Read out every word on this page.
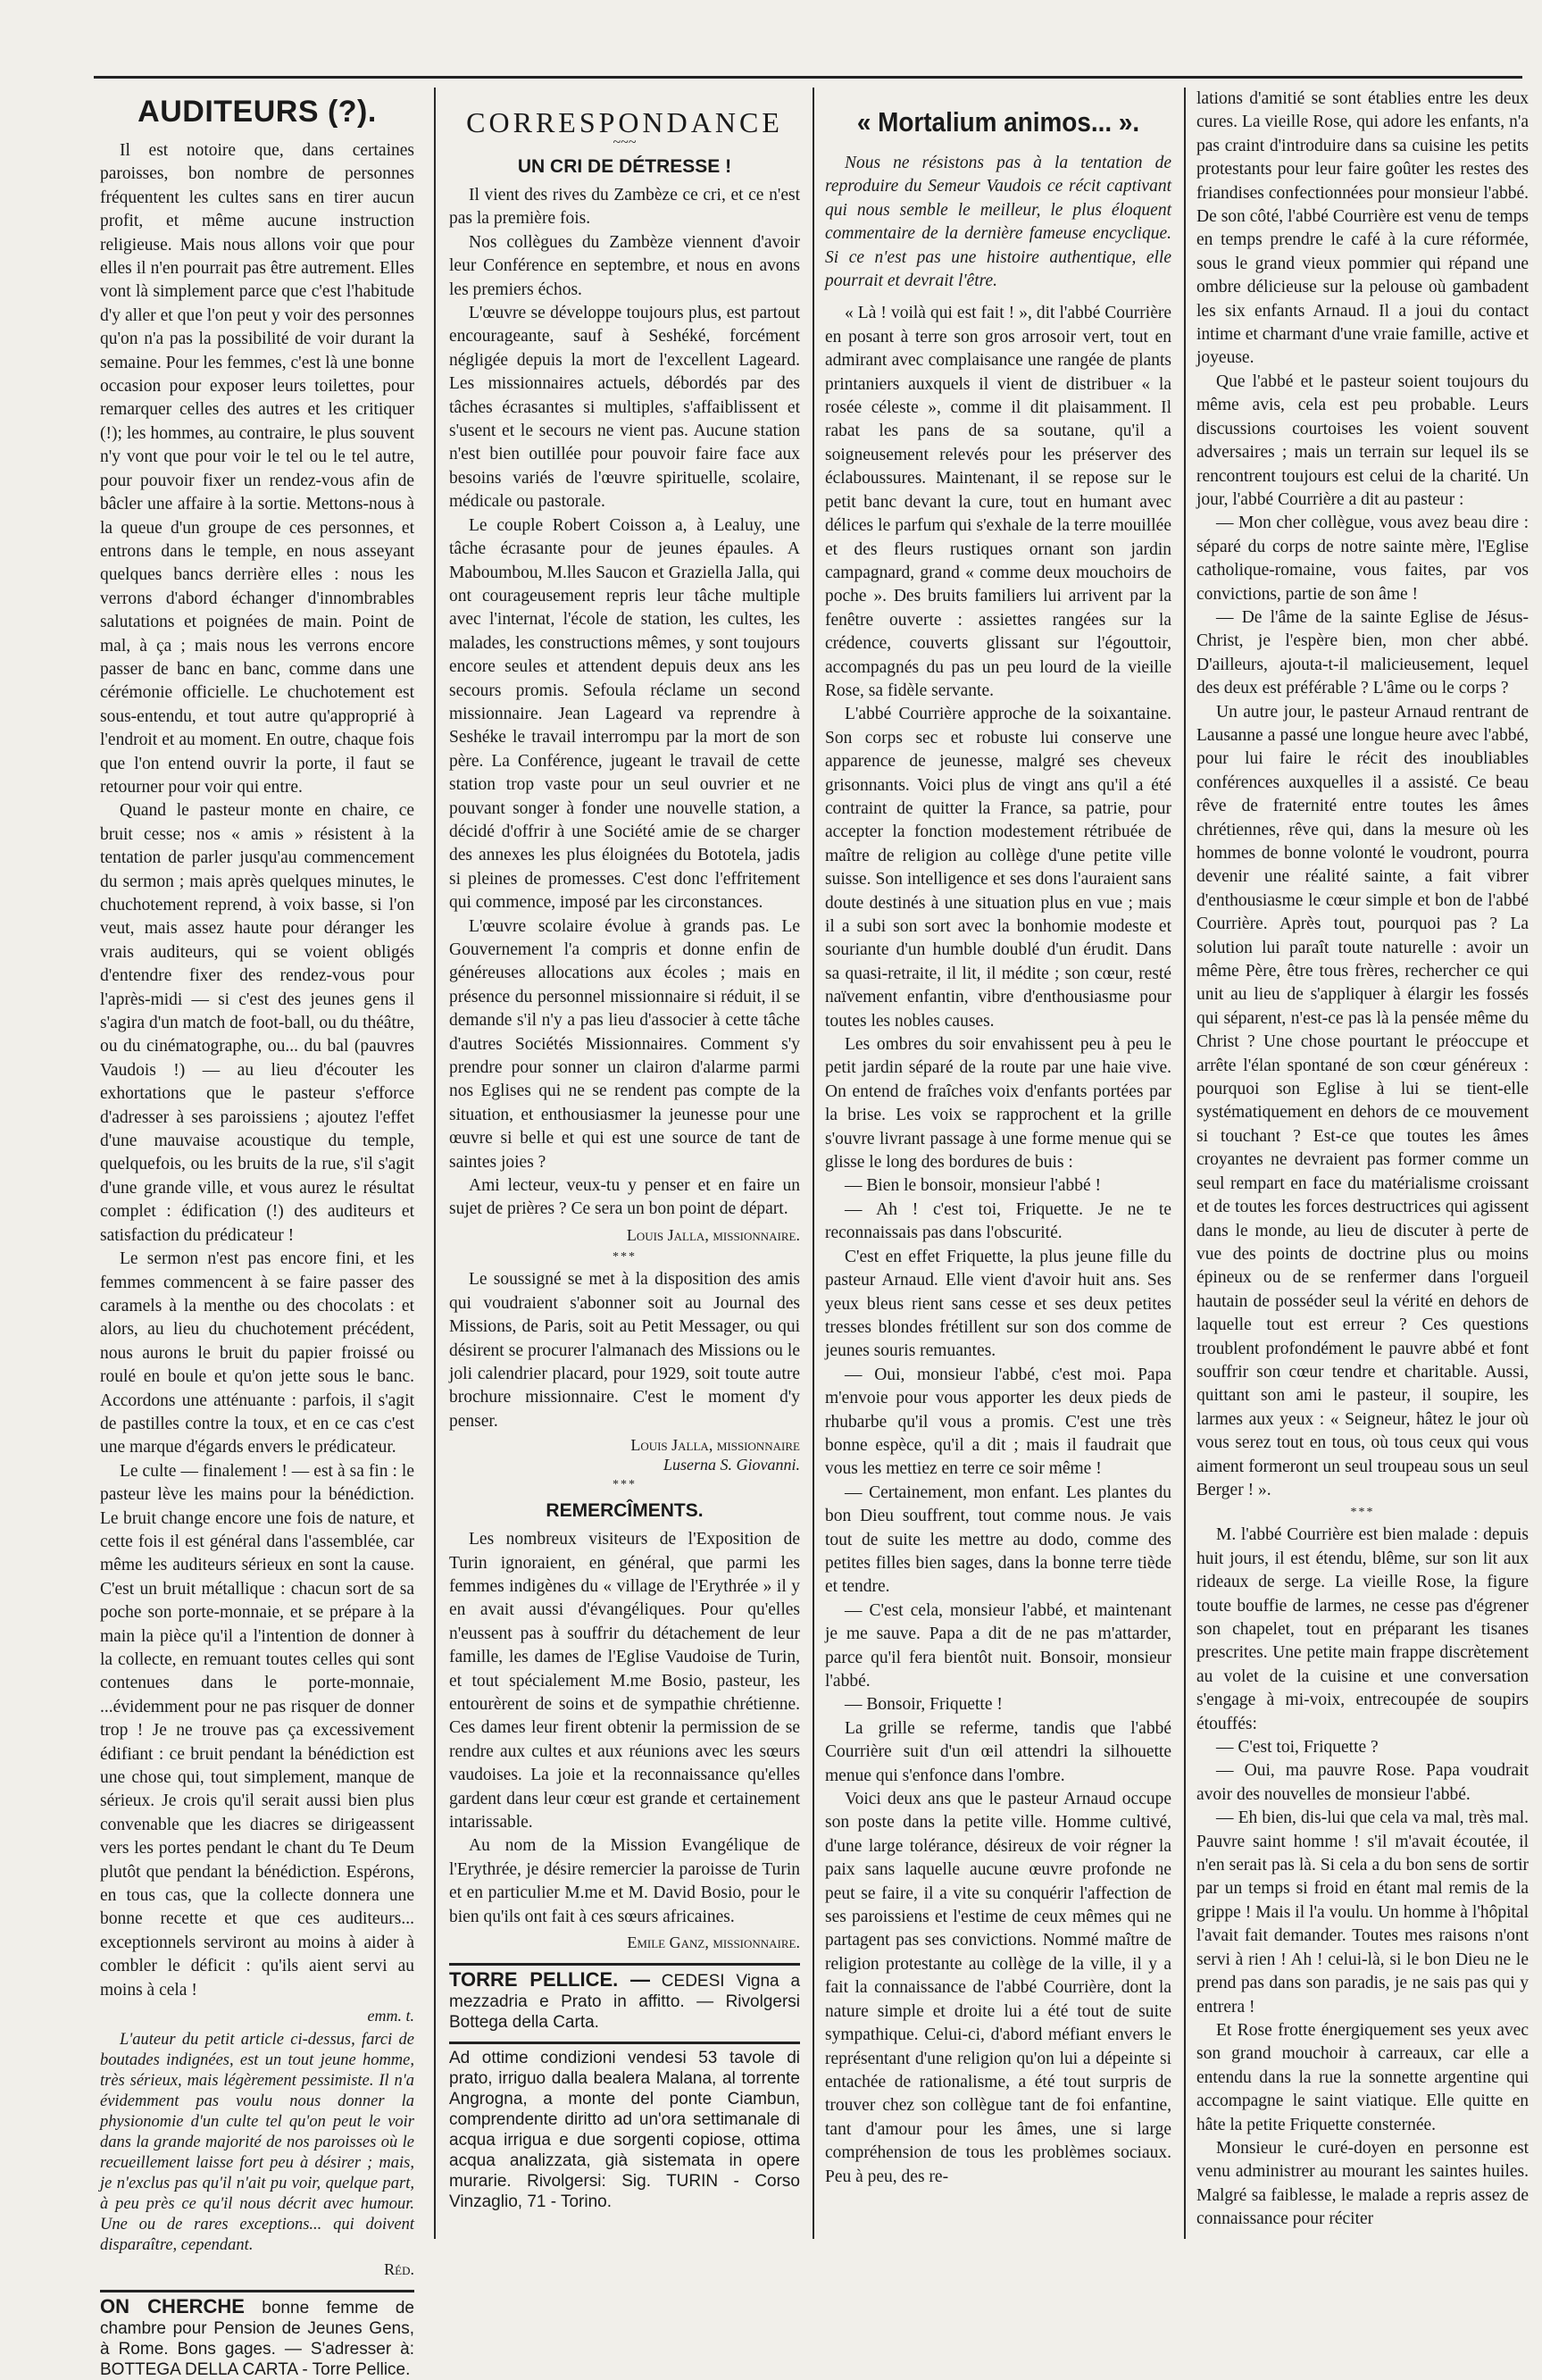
AUDITEURS (?).

Il est notoire que, dans certaines paroisses, bon nombre de personnes fréquentent les cultes sans en tirer aucun profit, et même aucune instruction religieuse. Mais nous allons voir que pour elles il n'en pourrait pas être autrement. Elles vont là simplement parce que c'est l'habitude d'y aller et que l'on peut y voir des personnes qu'on n'a pas la possibilité de voir durant la semaine. Pour les femmes, c'est là une bonne occasion pour exposer leurs toilettes, pour remarquer celles des autres et les critiquer (!); les hommes, au contraire, le plus souvent n'y vont que pour voir le tel ou le tel autre, pour pouvoir fixer un rendez-vous afin de bâcler une affaire à la sortie. Mettons-nous à la queue d'un groupe de ces personnes, et entrons dans le temple, en nous asseyant quelques bancs derrière elles : nous les verrons d'abord échanger d'innombrables salutations et poignées de main. Point de mal, à ça ; mais nous les verrons encore passer de banc en banc, comme dans une cérémonie officielle. Le chuchotement est sous-entendu, et tout autre qu'approprié à l'endroit et au moment. En outre, chaque fois que l'on entend ouvrir la porte, il faut se retourner pour voir qui entre.

Quand le pasteur monte en chaire, ce bruit cesse; nos « amis » résistent à la tentation de parler jusqu'au commencement du sermon ; mais après quelques minutes, le chuchotement reprend, à voix basse, si l'on veut, mais assez haute pour déranger les vrais auditeurs, qui se voient obligés d'entendre fixer des rendez-vous pour l'après-midi — si c'est des jeunes gens il s'agira d'un match de foot-ball, ou du théâtre, ou du cinématographe, ou... du bal (pauvres Vaudois !) — au lieu d'écouter les exhortations que le pasteur s'efforce d'adresser à ses paroissiens ; ajoutez l'effet d'une mauvaise acoustique du temple, quelquefois, ou les bruits de la rue, s'il s'agit d'une grande ville, et vous aurez le résultat complet : édification (!) des auditeurs et satisfaction du prédicateur !

Le sermon n'est pas encore fini, et les femmes commencent à se faire passer des caramels à la menthe ou des chocolats : et alors, au lieu du chuchotement précédent, nous aurons le bruit du papier froissé ou roulé en boule et qu'on jette sous le banc. Accordons une atténuante : parfois, il s'agit de pastilles contre la toux, et en ce cas c'est une marque d'égards envers le prédicateur.

Le culte — finalement ! — est à sa fin : le pasteur lève les mains pour la bénédiction. Le bruit change encore une fois de nature, et cette fois il est général dans l'assemblée, car même les auditeurs sérieux en sont la cause. C'est un bruit métallique : chacun sort de sa poche son porte-monnaie, et se prépare à la main la pièce qu'il a l'intention de donner à la collecte, en remuant toutes celles qui sont contenues dans le porte-monnaie, ...évidemment pour ne pas risquer de donner trop ! Je ne trouve pas ça excessivement édifiant : ce bruit pendant la bénédiction est une chose qui, tout simplement, manque de sérieux. Je crois qu'il serait aussi bien plus convenable que les diacres se dirigeassent vers les portes pendant le chant du Te Deum plutôt que pendant la bénédiction. Espérons, en tous cas, que la collecte donnera une bonne recette et que ces auditeurs... exceptionnels serviront au moins à aider à combler le déficit : qu'ils aient servi au moins à cela !

emm. t.

L'auteur du petit article ci-dessus, farci de boutades indignées, est un tout jeune homme, très sérieux, mais légèrement pessimiste. Il n'a évidemment pas voulu nous donner la physionomie d'un culte tel qu'on peut le voir dans la grande majorité de nos paroisses où le recueillement laisse fort peu à désirer ; mais, je n'exclus pas qu'il n'ait pu voir, quelque part, à peu près ce qu'il nous décrit avec humour. Une ou de rares exceptions... qui doivent disparaître, cependant.

Réd.
ON CHERCHE bonne femme de chambre pour Pension de Jeunes Gens, à Rome. Bons gages. — S'adresser à: BOTTEGA DELLA CARTA - Torre Pellice.
CORRESPONDANCE
~~~
UN CRI DE DÉTRESSE !

Il vient des rives du Zambèze ce cri, et ce n'est pas la première fois.

Nos collègues du Zambèze viennent d'avoir leur Conférence en septembre, et nous en avons les premiers échos.

L'œuvre se développe toujours plus, est partout encourageante, sauf à Seshéké, forcément négligée depuis la mort de l'excellent Lageard. Les missionnaires actuels, débordés par des tâches écrasantes si multiples, s'affaiblissent et s'usent et le secours ne vient pas. Aucune station n'est bien outillée pour pouvoir faire face aux besoins variés de l'œuvre spirituelle, scolaire, médicale ou pastorale.

Le couple Robert Coisson a, à Lealuy, une tâche écrasante pour de jeunes épaules. A Maboumbou, M.lles Saucon et Graziella Jalla, qui ont courageusement repris leur tâche multiple avec l'internat, l'école de station, les cultes, les malades, les constructions mêmes, y sont toujours encore seules et attendent depuis deux ans les secours promis. Sefoula réclame un second missionnaire. Jean Lageard va reprendre à Seshéke le travail interrompu par la mort de son père. La Conférence, jugeant le travail de cette station trop vaste pour un seul ouvrier et ne pouvant songer à fonder une nouvelle station, a décidé d'offrir à une Société amie de se charger des annexes les plus éloignées du Bototela, jadis si pleines de promesses. C'est donc l'effritement qui commence, imposé par les circonstances.

L'œuvre scolaire évolue à grands pas. Le Gouvernement l'a compris et donne enfin de généreuses allocations aux écoles ; mais en présence du personnel missionnaire si réduit, il se demande s'il n'y a pas lieu d'associer à cette tâche d'autres Sociétés Missionnaires. Comment s'y prendre pour sonner un clairon d'alarme parmi nos Eglises qui ne se rendent pas compte de la situation, et enthousiasmer la jeunesse pour une œuvre si belle et qui est une source de tant de saintes joies ?

Ami lecteur, veux-tu y penser et en faire un sujet de prières ? Ce sera un bon point de départ.

Louis Jalla, missionnaire.
***

Le soussigné se met à la disposition des amis qui voudraient s'abonner soit au Journal des Missions, de Paris, soit au Petit Messager, ou qui désirent se procurer l'almanach des Missions ou le joli calendrier placard, pour 1929, soit toute autre brochure missionnaire. C'est le moment d'y penser.

Louis Jalla, missionnaire
Luserna S. Giovanni.
***
REMERCÎMENTS.

Les nombreux visiteurs de l'Exposition de Turin ignoraient, en général, que parmi les femmes indigènes du « village de l'Erythrée » il y en avait aussi d'évangéliques. Pour qu'elles n'eussent pas à souffrir du détachement de leur famille, les dames de l'Eglise Vaudoise de Turin, et tout spécialement M.me Bosio, pasteur, les entourèrent de soins et de sympathie chrétienne. Ces dames leur firent obtenir la permission de se rendre aux cultes et aux réunions avec les sœurs vaudoises. La joie et la reconnaissance qu'elles gardent dans leur cœur est grande et certainement intarissable.

Au nom de la Mission Evangélique de l'Erythrée, je désire remercier la paroisse de Turin et en particulier M.me et M. David Bosio, pour le bien qu'ils ont fait à ces sœurs africaines.

Emile Ganz, missionnaire.
TORRE PELLICE. — CEDESI Vigna a mezzadria e Prato in affitto. — Rivolgersi Bottega della Carta.
Ad ottime condizioni vendesi 53 tavole di prato, irriguo dalla bealera Malana, al torrente Angrogna, a monte del ponte Ciambun, comprendente diritto ad un'ora settimanale di acqua irrigua e due sorgenti copiose, ottima acqua analizzata, già sistemata in opere murarie. Rivolgersi: Sig. TURIN - Corso Vinzaglio, 71 - Torino.
« Mortalium animos... ».

Nous ne résistons pas à la tentation de reproduire du Semeur Vaudois ce récit captivant qui nous semble le meilleur, le plus éloquent commentaire de la dernière fameuse encyclique. Si ce n'est pas une histoire authentique, elle pourrait et devrait l'être.

« Là ! voilà qui est fait ! », dit l'abbé Courrière en posant à terre son gros arrosoir vert, tout en admirant avec complaisance une rangée de plants printaniers auxquels il vient de distribuer « la rosée céleste », comme il dit plaisamment. Il rabat les pans de sa soutane, qu'il a soigneusement relevés pour les préserver des éclaboussures. Maintenant, il se repose sur le petit banc devant la cure, tout en humant avec délices le parfum qui s'exhale de la terre mouillée et des fleurs rustiques ornant son jardin campagnard, grand « comme deux mouchoirs de poche ». Des bruits familiers lui arrivent par la fenêtre ouverte : assiettes rangées sur la crédence, couverts glissant sur l'égouttoir, accompagnés du pas un peu lourd de la vieille Rose, sa fidèle servante.

L'abbé Courrière approche de la soixantaine. Son corps sec et robuste lui conserve une apparence de jeunesse, malgré ses cheveux grisonnants. Voici plus de vingt ans qu'il a été contraint de quitter la France, sa patrie, pour accepter la fonction modestement rétribuée de maître de religion au collège d'une petite ville suisse. Son intelligence et ses dons l'auraient sans doute destinés à une situation plus en vue ; mais il a subi son sort avec la bonhomie modeste et souriante d'un humble doublé d'un érudit. Dans sa quasi-retraite, il lit, il médite ; son cœur, resté naïvement enfantin, vibre d'enthousiasme pour toutes les nobles causes.

Les ombres du soir envahissent peu à peu le petit jardin séparé de la route par une haie vive. On entend de fraîches voix d'enfants portées par la brise. Les voix se rapprochent et la grille s'ouvre livrant passage à une forme menue qui se glisse le long des bordures de buis :

— Bien le bonsoir, monsieur l'abbé !

— Ah ! c'est toi, Friquette. Je ne te reconnaissais pas dans l'obscurité.

C'est en effet Friquette, la plus jeune fille du pasteur Arnaud. Elle vient d'avoir huit ans. Ses yeux bleus rient sans cesse et ses deux petites tresses blondes frétillent sur son dos comme de jeunes souris remuantes.

— Oui, monsieur l'abbé, c'est moi. Papa m'envoie pour vous apporter les deux pieds de rhubarbe qu'il vous a promis. C'est une très bonne espèce, qu'il a dit ; mais il faudrait que vous les mettiez en terre ce soir même !

— Certainement, mon enfant. Les plantes du bon Dieu souffrent, tout comme nous. Je vais tout de suite les mettre au dodo, comme des petites filles bien sages, dans la bonne terre tiède et tendre.

— C'est cela, monsieur l'abbé, et maintenant je me sauve. Papa a dit de ne pas m'attarder, parce qu'il fera bientôt nuit. Bonsoir, monsieur l'abbé.

— Bonsoir, Friquette !

La grille se referme, tandis que l'abbé Courrière suit d'un œil attendri la silhouette menue qui s'enfonce dans l'ombre.

Voici deux ans que le pasteur Arnaud occupe son poste dans la petite ville. Homme cultivé, d'une large tolérance, désireux de voir régner la paix sans laquelle aucune œuvre profonde ne peut se faire, il a vite su conquérir l'affection de ses paroissiens et l'estime de ceux mêmes qui ne partagent pas ses convictions. Nommé maître de religion protestante au collège de la ville, il y a fait la connaissance de l'abbé Courrière, dont la nature simple et droite lui a été tout de suite sympathique. Celui-ci, d'abord méfiant envers le représentant d'une religion qu'on lui a dépeinte si entachée de rationalisme, a été tout surpris de trouver chez son collègue tant de foi enfantine, tant d'amour pour les âmes, une si large compréhension de tous les problèmes sociaux. Peu à peu, des re-

lations d'amitié se sont établies entre les deux cures. La vieille Rose, qui adore les enfants, n'a pas craint d'introduire dans sa cuisine les petits protestants pour leur faire goûter les restes des friandises confectionnées pour monsieur l'abbé. De son côté, l'abbé Courrière est venu de temps en temps prendre le café à la cure réformée, sous le grand vieux pommier qui répand une ombre délicieuse sur la pelouse où gambadent les six enfants Arnaud. Il a joui du contact intime et charmant d'une vraie famille, active et joyeuse.

Que l'abbé et le pasteur soient toujours du même avis, cela est peu probable. Leurs discussions courtoises les voient souvent adversaires ; mais un terrain sur lequel ils se rencontrent toujours est celui de la charité. Un jour, l'abbé Courrière a dit au pasteur :

— Mon cher collègue, vous avez beau dire : séparé du corps de notre sainte mère, l'Eglise catholique-romaine, vous faites, par vos convictions, partie de son âme !

— De l'âme de la sainte Eglise de Jésus-Christ, je l'espère bien, mon cher abbé. D'ailleurs, ajouta-t-il malicieusement, lequel des deux est préférable ? L'âme ou le corps ?

Un autre jour, le pasteur Arnaud rentrant de Lausanne a passé une longue heure avec l'abbé, pour lui faire le récit des inoubliables conférences auxquelles il a assisté. Ce beau rêve de fraternité entre toutes les âmes chrétiennes, rêve qui, dans la mesure où les hommes de bonne volonté le voudront, pourra devenir une réalité sainte, a fait vibrer d'enthousiasme le cœur simple et bon de l'abbé Courrière. Après tout, pourquoi pas ? La solution lui paraît toute naturelle : avoir un même Père, être tous frères, rechercher ce qui unit au lieu de s'appliquer à élargir les fossés qui séparent, n'est-ce pas là la pensée même du Christ ? Une chose pourtant le préoccupe et arrête l'élan spontané de son cœur généreux : pourquoi son Eglise à lui se tient-elle systématiquement en dehors de ce mouvement si touchant ? Est-ce que toutes les âmes croyantes ne devraient pas former comme un seul rempart en face du matérialisme croissant et de toutes les forces destructrices qui agissent dans le monde, au lieu de discuter à perte de vue des points de doctrine plus ou moins épineux ou de se renfermer dans l'orgueil hautain de posséder seul la vérité en dehors de laquelle tout est erreur ? Ces questions troublent profondément le pauvre abbé et font souffrir son cœur tendre et charitable. Aussi, quittant son ami le pasteur, il soupire, les larmes aux yeux : « Seigneur, hâtez le jour où vous serez tout en tous, où tous ceux qui vous aiment formeront un seul troupeau sous un seul Berger ! ».

***

M. l'abbé Courrière est bien malade : depuis huit jours, il est étendu, blême, sur son lit aux rideaux de serge. La vieille Rose, la figure toute bouffie de larmes, ne cesse pas d'égrener son chapelet, tout en préparant les tisanes prescrites. Une petite main frappe discrètement au volet de la cuisine et une conversation s'engage à mi-voix, entrecoupée de soupirs étouffés:

— C'est toi, Friquette ?

— Oui, ma pauvre Rose. Papa voudrait avoir des nouvelles de monsieur l'abbé.

— Eh bien, dis-lui que cela va mal, très mal. Pauvre saint homme ! s'il m'avait écoutée, il n'en serait pas là. Si cela a du bon sens de sortir par un temps si froid en étant mal remis de la grippe ! Mais il l'a voulu. Un homme à l'hôpital l'avait fait demander. Toutes mes raisons n'ont servi à rien ! Ah ! celui-là, si le bon Dieu ne le prend pas dans son paradis, je ne sais pas qui y entrera !

Et Rose frotte énergiquement ses yeux avec son grand mouchoir à carreaux, car elle a entendu dans la rue la sonnette argentine qui accompagne le saint viatique. Elle quitte en hâte la petite Friquette consternée.

Monsieur le curé-doyen en personne est venu administrer au mourant les saintes huiles. Malgré sa faiblesse, le malade a repris assez de connaissance pour réciter
